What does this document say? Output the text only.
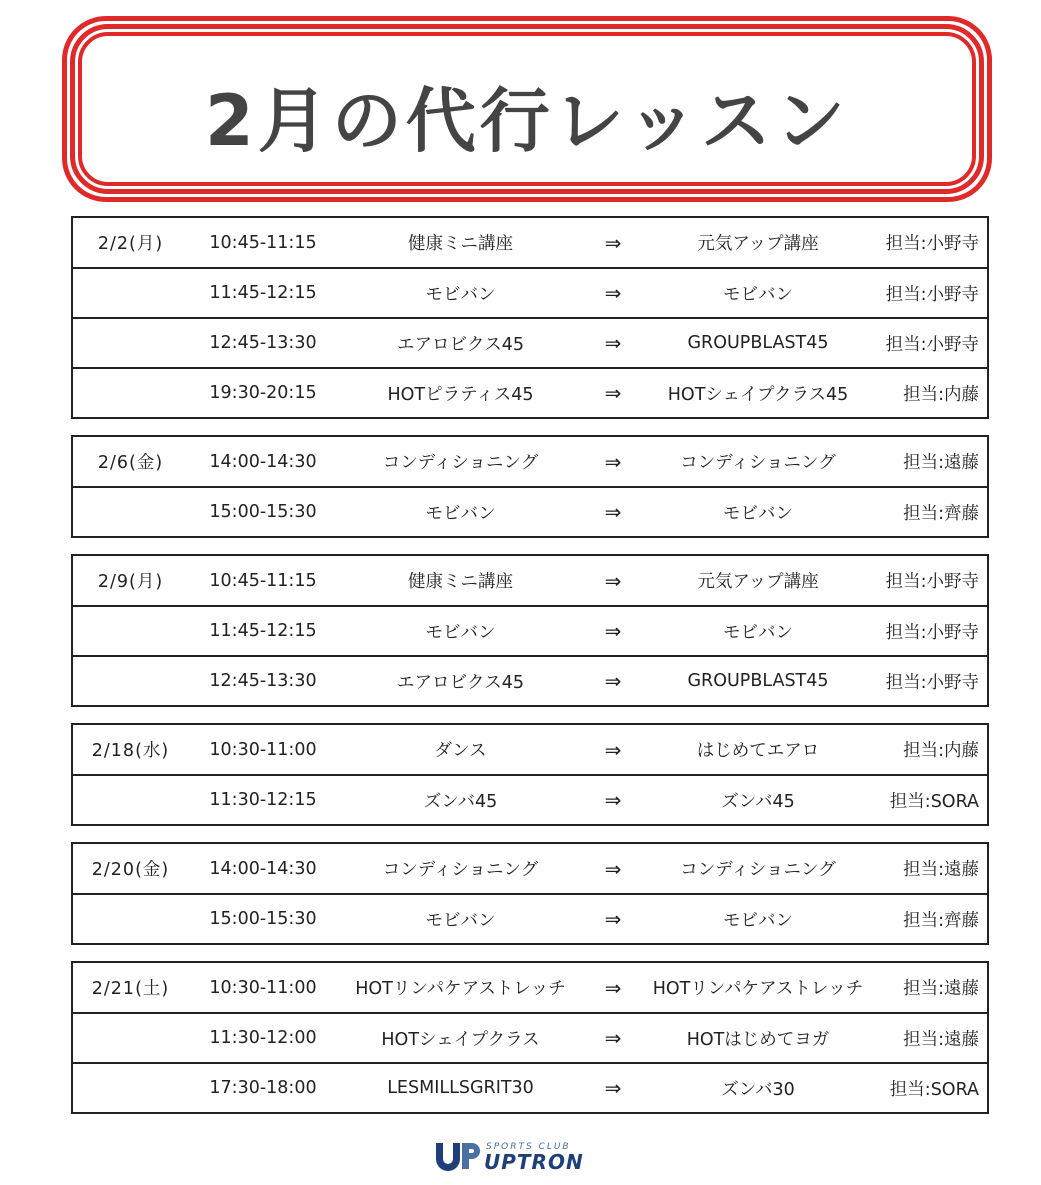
2月の代行レッスン
2/2(月)	10:45-11:15	健康ミニ講座	⇒	元気アップ講座	担当:小野寺
11:45-12:15	モビバン	⇒	モビバン	担当:小野寺
12:45-13:30	エアロビクス45	⇒	GROUPBLAST45	担当:小野寺
19:30-20:15	HOTピラティス45	⇒	HOTシェイプクラス45	担当:内藤
2/6(金)	14:00-14:30	コンディショニング	⇒	コンディショニング	担当:遠藤
15:00-15:30	モビバン	⇒	モビバン	担当:齊藤
2/9(月)	10:45-11:15	健康ミニ講座	⇒	元気アップ講座	担当:小野寺
11:45-12:15	モビバン	⇒	モビバン	担当:小野寺
12:45-13:30	エアロビクス45	⇒	GROUPBLAST45	担当:小野寺
2/18(水)	10:30-11:00	ダンス	⇒	はじめてエアロ	担当:内藤
11:30-12:15	ズンバ45	⇒	ズンバ45	担当:SORA
2/20(金)	14:00-14:30	コンディショニング	⇒	コンディショニング	担当:遠藤
15:00-15:30	モビバン	⇒	モビバン	担当:齊藤
2/21(土)	10:30-11:00	HOTリンパケアストレッチ	⇒	HOTリンパケアストレッチ	担当:遠藤
11:30-12:00	HOTシェイプクラス	⇒	HOTはじめてヨガ	担当:遠藤
17:30-18:00	LESMILLSGRIT30	⇒	ズンバ30	担当:SORA
SPORTS CLUB
UPTRON
